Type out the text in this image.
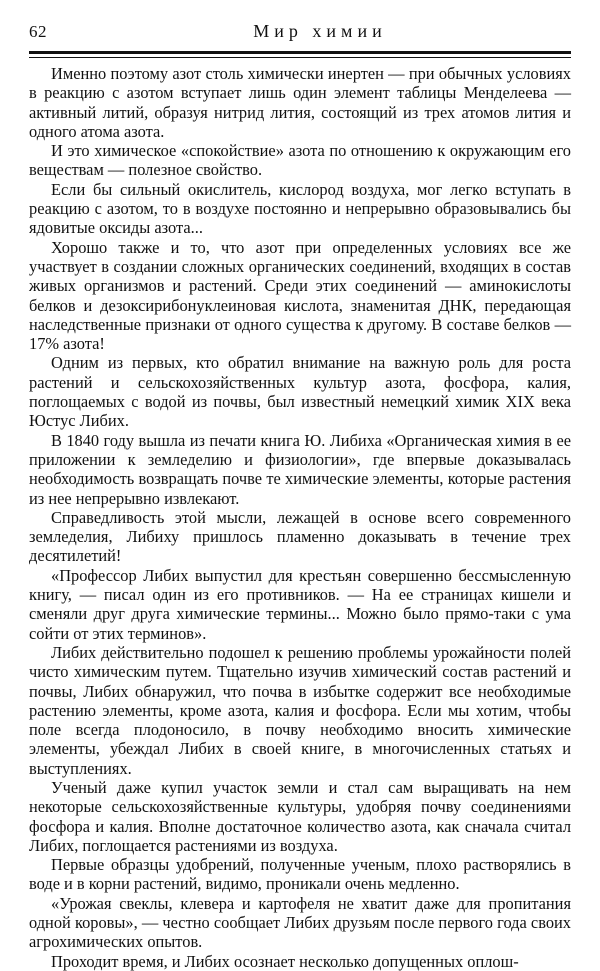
62	Мир химии

Именно поэтому азот столь химически инертен — при обычных условиях в реакцию с азотом вступает лишь один элемент таблицы Менделеева — активный литий, образуя нитрид лития, состоящий из трех атомов лития и одного атома азота.

И это химическое «спокойствие» азота по отношению к окружающим его веществам — полезное свойство.

Если бы сильный окислитель, кислород воздуха, мог легко вступать в реакцию с азотом, то в воздухе постоянно и непрерывно образовывались бы ядовитые оксиды азота...

Хорошо также и то, что азот при определенных условиях все же участвует в создании сложных органических соединений, входящих в состав живых организмов и растений. Среди этих соединений — аминокислоты белков и дезоксирибонуклеиновая кислота, знаменитая ДНК, передающая наследственные признаки от одного существа к другому. В составе белков — 17% азота!

Одним из первых, кто обратил внимание на важную роль для роста растений и сельскохозяйственных культур азота, фосфора, калия, поглощаемых с водой из почвы, был известный немецкий химик XIX века Юстус Либих.

В 1840 году вышла из печати книга Ю. Либиха «Органическая химия в ее приложении к земледелию и физиологии», где впервые доказывалась необходимость возвращать почве те химические элементы, которые растения из нее непрерывно извлекают.

Справедливость этой мысли, лежащей в основе всего современного земледелия, Либиху пришлось пламенно доказывать в течение трех десятилетий!

«Профессор Либих выпустил для крестьян совершенно бессмысленную книгу, — писал один из его противников. — На ее страницах кишели и сменяли друг друга химические термины... Можно было прямо-таки с ума сойти от этих терминов».

Либих действительно подошел к решению проблемы урожайности полей чисто химическим путем. Тщательно изучив химический состав растений и почвы, Либих обнаружил, что почва в избытке содержит все необходимые растению элементы, кроме азота, калия и фосфора. Если мы хотим, чтобы поле всегда плодоносило, в почву необходимо вносить химические элементы, убеждал Либих в своей книге, в многочисленных статьях и выступлениях.

Ученый даже купил участок земли и стал сам выращивать на нем некоторые сельскохозяйственные культуры, удобряя почву соединениями фосфора и калия. Вполне достаточное количество азота, как сначала считал Либих, поглощается растениями из воздуха.

Первые образцы удобрений, полученные ученым, плохо растворялись в воде и в корни растений, видимо, проникали очень медленно.

«Урожая свеклы, клевера и картофеля не хватит даже для пропитания одной коровы», — честно сообщает Либих друзьям после первого года своих агрохимических опытов.

Проходит время, и Либих осознает несколько допущенных оплош-
